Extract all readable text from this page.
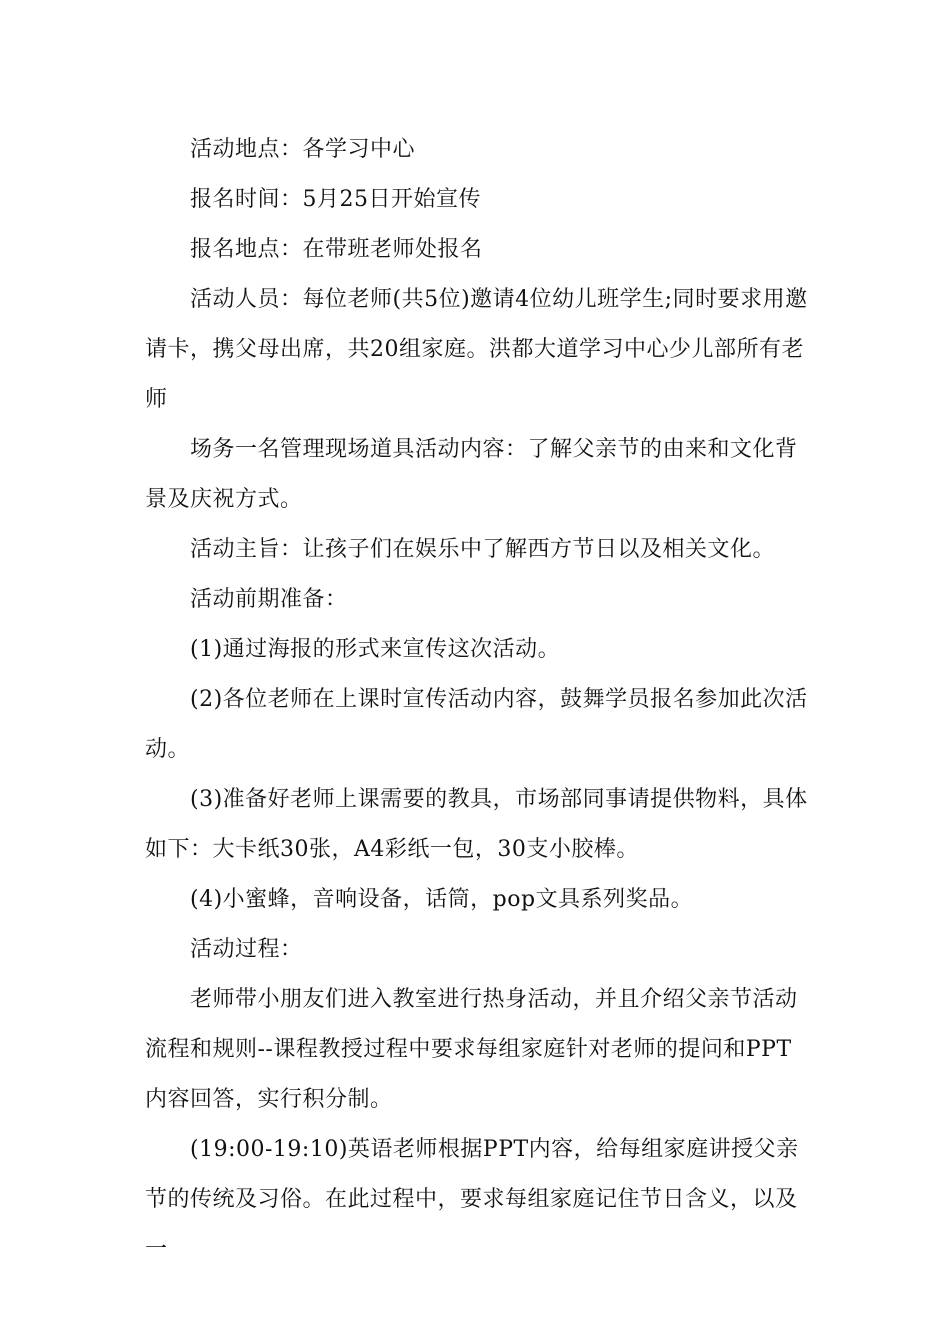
活动地点：各学习中心

报名时间：5月25日开始宣传

报名地点：在带班老师处报名

活动人员：每位老师(共5位)邀请4位幼儿班学生;同时要求用邀请卡，携父母出席，共20组家庭。洪都大道学习中心少儿部所有老师

场务一名管理现场道具活动内容：了解父亲节的由来和文化背景及庆祝方式。

活动主旨：让孩子们在娱乐中了解西方节日以及相关文化。

活动前期准备：

(1)通过海报的形式来宣传这次活动。

(2)各位老师在上课时宣传活动内容，鼓舞学员报名参加此次活动。

(3)准备好老师上课需要的教具，市场部同事请提供物料，具体如下：大卡纸30张，A4彩纸一包，30支小胶棒。

(4)小蜜蜂，音响设备，话筒，pop文具系列奖品。

活动过程：

老师带小朋友们进入教室进行热身活动，并且介绍父亲节活动流程和规则--课程教授过程中要求每组家庭针对老师的提问和PPT内容回答，实行积分制。

(19:00-19:10)英语老师根据PPT内容，给每组家庭讲授父亲节的传统及习俗。在此过程中，要求每组家庭记住节日含义，以及一
